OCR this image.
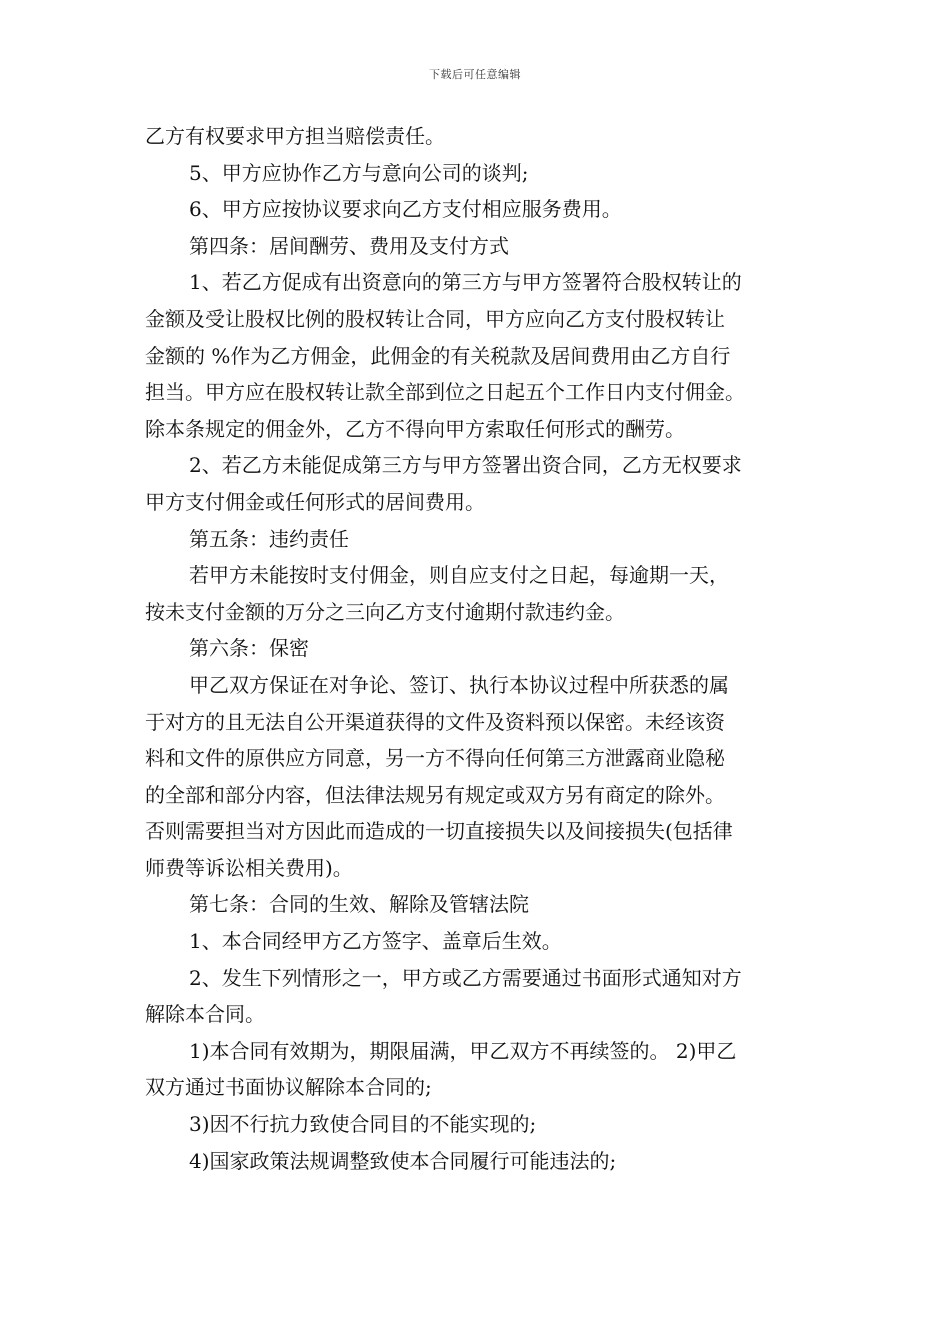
下载后可任意编辑

乙方有权要求甲方担当赔偿责任。

5、甲方应协作乙方与意向公司的谈判;

6、甲方应按协议要求向乙方支付相应服务费用。

第四条：居间酬劳、费用及支付方式

1、若乙方促成有出资意向的第三方与甲方签署符合股权转让的

金额及受让股权比例的股权转让合同，甲方应向乙方支付股权转让

金额的 %作为乙方佣金，此佣金的有关税款及居间费用由乙方自行

担当。甲方应在股权转让款全部到位之日起五个工作日内支付佣金。

除本条规定的佣金外，乙方不得向甲方索取任何形式的酬劳。

2、若乙方未能促成第三方与甲方签署出资合同，乙方无权要求

甲方支付佣金或任何形式的居间费用。

第五条：违约责任

若甲方未能按时支付佣金，则自应支付之日起，每逾期一天，

按未支付金额的万分之三向乙方支付逾期付款违约金。

第六条：保密

甲乙双方保证在对争论、签订、执行本协议过程中所获悉的属

于对方的且无法自公开渠道获得的文件及资料预以保密。未经该资

料和文件的原供应方同意，另一方不得向任何第三方泄露商业隐秘

的全部和部分内容，但法律法规另有规定或双方另有商定的除外。

否则需要担当对方因此而造成的一切直接损失以及间接损失(包括律

师费等诉讼相关费用)。

第七条：合同的生效、解除及管辖法院

1、本合同经甲方乙方签字、盖章后生效。

2、发生下列情形之一，甲方或乙方需要通过书面形式通知对方

解除本合同。

1)本合同有效期为，期限届满，甲乙双方不再续签的。 2)甲乙

双方通过书面协议解除本合同的;

3)因不行抗力致使合同目的不能实现的;

4)国家政策法规调整致使本合同履行可能违法的;
